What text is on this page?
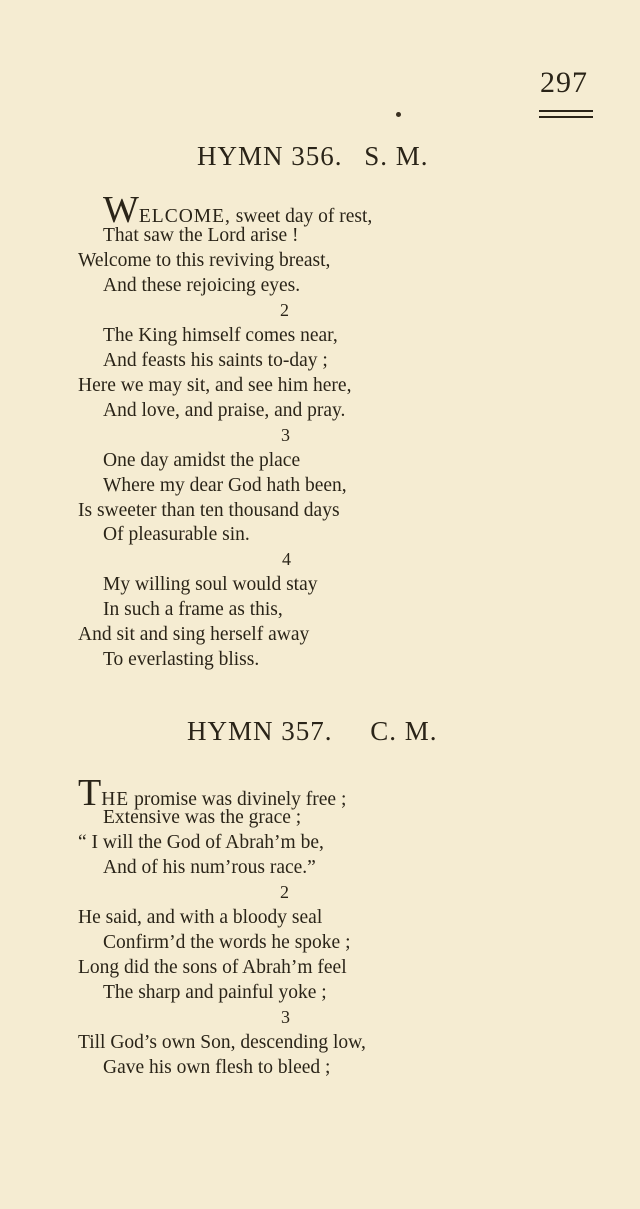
297
HYMN 356. S. M.
WELCOME, sweet day of rest,
That saw the Lord arise !
Welcome to this reviving breast,
And these rejoicing eyes.
2
The King himself comes near,
And feasts his saints to-day ;
Here we may sit, and see him here,
And love, and praise, and pray.
3
One day amidst the place
Where my dear God hath been,
Is sweeter than ten thousand days
Of pleasurable sin.
4
My willing soul would stay
In such a frame as this,
And sit and sing herself away
To everlasting bliss.
HYMN 357. C. M.
THE promise was divinely free ;
Extensive was the grace ;
“ I will the God of Abrah’m be,
And of his num’rous race.”
2
He said, and with a bloody seal
Confirm’d the words he spoke ;
Long did the sons of Abrah’m feel
The sharp and painful yoke ;
3
Till God’s own Son, descending low,
Gave his own flesh to bleed ;
